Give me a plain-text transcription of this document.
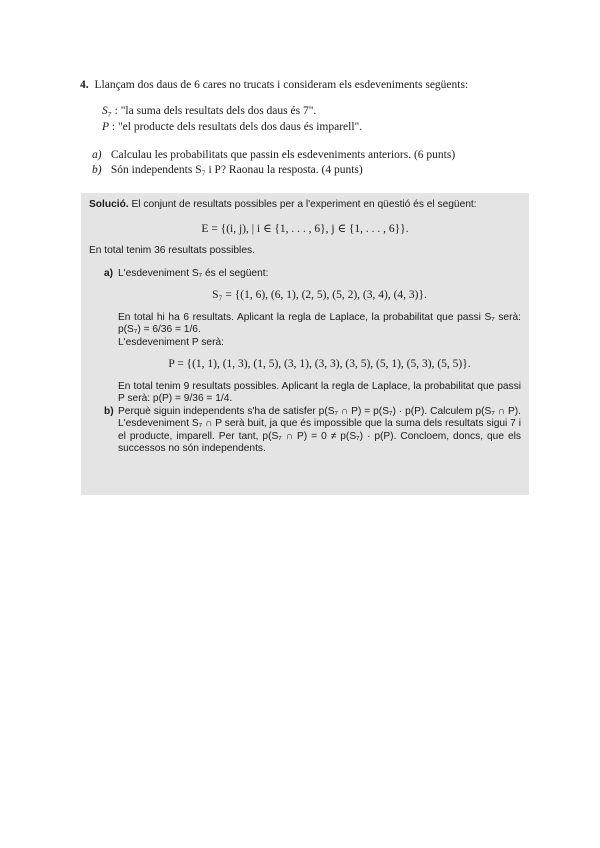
4. Llançam dos daus de 6 cares no trucats i consideram els esdeveniments següents:
S₇ : "la suma dels resultats dels dos daus és 7".
P : "el producte dels resultats dels dos daus és imparell".
a) Calculau les probabilitats que passin els esdeveniments anteriors. (6 punts)
b) Són independents S₇ i P? Raonau la resposta. (4 punts)
Solució. El conjunt de resultats possibles per a l'experiment en qüestió és el següent:
E = {(i, j), | i ∈ {1, . . . , 6}, j ∈ {1, . . . , 6}}.
En total tenim 36 resultats possibles.
a) L'esdeveniment S₇ és el següent:
S₇ = {(1, 6), (6, 1), (2, 5), (5, 2), (3, 4), (4, 3)}.
En total hi ha 6 resultats. Aplicant la regla de Laplace, la probabilitat que passi S₇ serà: p(S₇) = 6/36 = 1/6.
L'esdeveniment P serà:
P = {(1, 1), (1, 3), (1, 5), (3, 1), (3, 3), (3, 5), (5, 1), (5, 3), (5, 5)}.
En total tenim 9 resultats possibles. Aplicant la regla de Laplace, la probabilitat que passi P serà: p(P) = 9/36 = 1/4.
b) Perquè siguin independents s'ha de satisfer p(S₇ ∩ P) = p(S₇) · p(P). Calculem p(S₇ ∩ P). L'esdeveniment S₇ ∩ P serà buit, ja que és impossible que la suma dels resultats sigui 7 i el producte, imparell. Per tant, p(S₇ ∩ P) = 0 ≠ p(S₇) · p(P). Concloem, doncs, que els successos no són independents.
